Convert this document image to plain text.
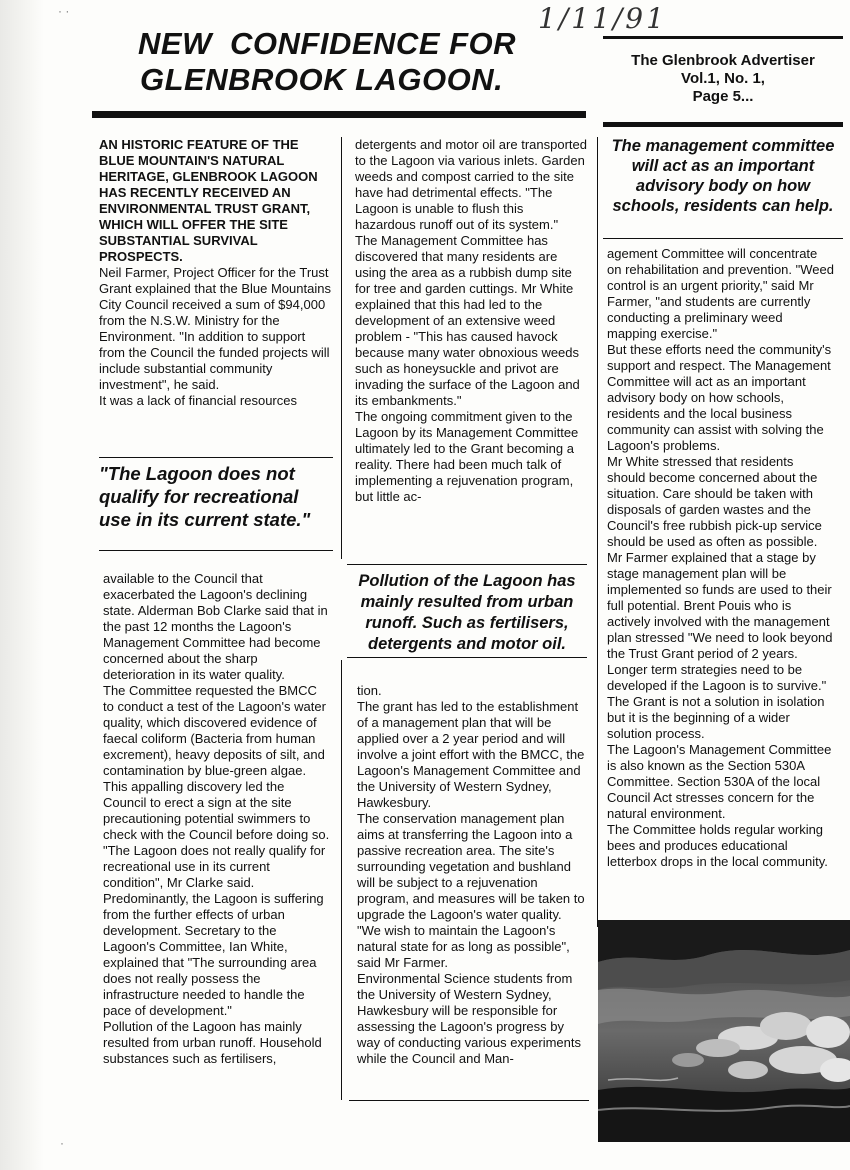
· ·	1/11/91
NEW  CONFIDENCE FOR
GLENBROOK LAGOON.
The Glenbrook Advertiser
Vol.1, No. 1,
Page 5...
The management committee will act as an important advisory body on how schools, residents can help.

AN HISTORIC FEATURE OF THE BLUE MOUNTAIN'S NATURAL HERITAGE, GLENBROOK LAGOON HAS RECENTLY RECEIVED AN ENVIRONMENTAL TRUST GRANT, WHICH WILL OFFER THE SITE SUBSTANTIAL SURVIVAL PROSPECTS.

Neil Farmer, Project Officer for the Trust Grant explained that the Blue Mountains City Council received a sum of $94,000 from the N.S.W. Ministry for the Environment. "In addition to support from the Council the funded projects will include substantial community investment", he said.

It was a lack of financial resources

"The Lagoon does not qualify for recreational use in its current state."

available to the Council that exacerbated the Lagoon's declining state. Alderman Bob Clarke said that in the past 12 months the Lagoon's Management Committee had become concerned about the sharp deterioration in its water quality.

The Committee requested the BMCC to conduct a test of the Lagoon's water quality, which discovered evidence of faecal coliform (Bacteria from human excrement), heavy deposits of silt, and contamination by blue-green algae.

This appalling discovery led the Council to erect a sign at the site precautioning potential swimmers to check with the Council before doing so. "The Lagoon does not really qualify for recreational use in its current condition", Mr Clarke said.

Predominantly, the Lagoon is suffering from the further effects of urban development. Secretary to the Lagoon's Committee, Ian White, explained that "The surrounding area does not really possess the infrastructure needed to handle the pace of development."

Pollution of the Lagoon has mainly resulted from urban runoff. Household substances such as fertilisers,

detergents and motor oil are transported to the Lagoon via various inlets. Garden weeds and compost carried to the site have had detrimental effects. "The Lagoon is unable to flush this hazardous runoff out of its system."

The Management Committee has discovered that many residents are using the area as a rubbish dump site for tree and garden cuttings. Mr White explained that this had led to the development of an extensive weed problem - "This has caused havock because many water obnoxious weeds such as honeysuckle and privot are invading the surface of the Lagoon and its embankments."

The ongoing commitment given to the Lagoon by its Management Committee ultimately led to the Grant becoming a reality. There had been much talk of implementing a rejuvenation program, but little ac-

Pollution of the Lagoon has mainly resulted from urban runoff. Such as fertilisers, detergents and motor oil.

tion.

The grant has led to the establishment of a management plan that will be applied over a 2 year period and will involve a joint effort with the BMCC, the Lagoon's Management Committee and the University of Western Sydney, Hawkesbury.

The conservation management plan aims at transferring the Lagoon into a passive recreation area. The site's surrounding vegetation and bushland will be subject to a rejuvenation program, and measures will be taken to upgrade the Lagoon's water quality. "We wish to maintain the Lagoon's natural state for as long as possible", said Mr Farmer.

Environmental Science students from the University of Western Sydney, Hawkesbury will be responsible for assessing the Lagoon's progress by way of conducting various experiments while the Council and Man-

agement Committee will concentrate on rehabilitation and prevention. "Weed control is an urgent priority," said Mr Farmer, "and students are currently conducting a preliminary weed mapping exercise."

But these efforts need the community's support and respect. The Management Committee will act as an important advisory body on how schools, residents and the local business community can assist with solving the Lagoon's problems.

Mr White stressed that residents should become concerned about the situation. Care should be taken with disposals of garden wastes and the Council's free rubbish pick-up service should be used as often as possible.

Mr Farmer explained that a stage by stage management plan will be implemented so funds are used to their full potential. Brent Pouis who is actively involved with the management plan stressed "We need to look beyond the Trust Grant period of 2 years. Longer term strategies need to be developed if the Lagoon is to survive."

The Grant is not a solution in isolation but it is the beginning of a wider solution process.

The Lagoon's Management Committee is also known as the Section 530A Committee. Section 530A of the local Council Act stresses concern for the natural environment.

The Committee holds regular working bees and produces educational letterbox drops in the local community.

·
